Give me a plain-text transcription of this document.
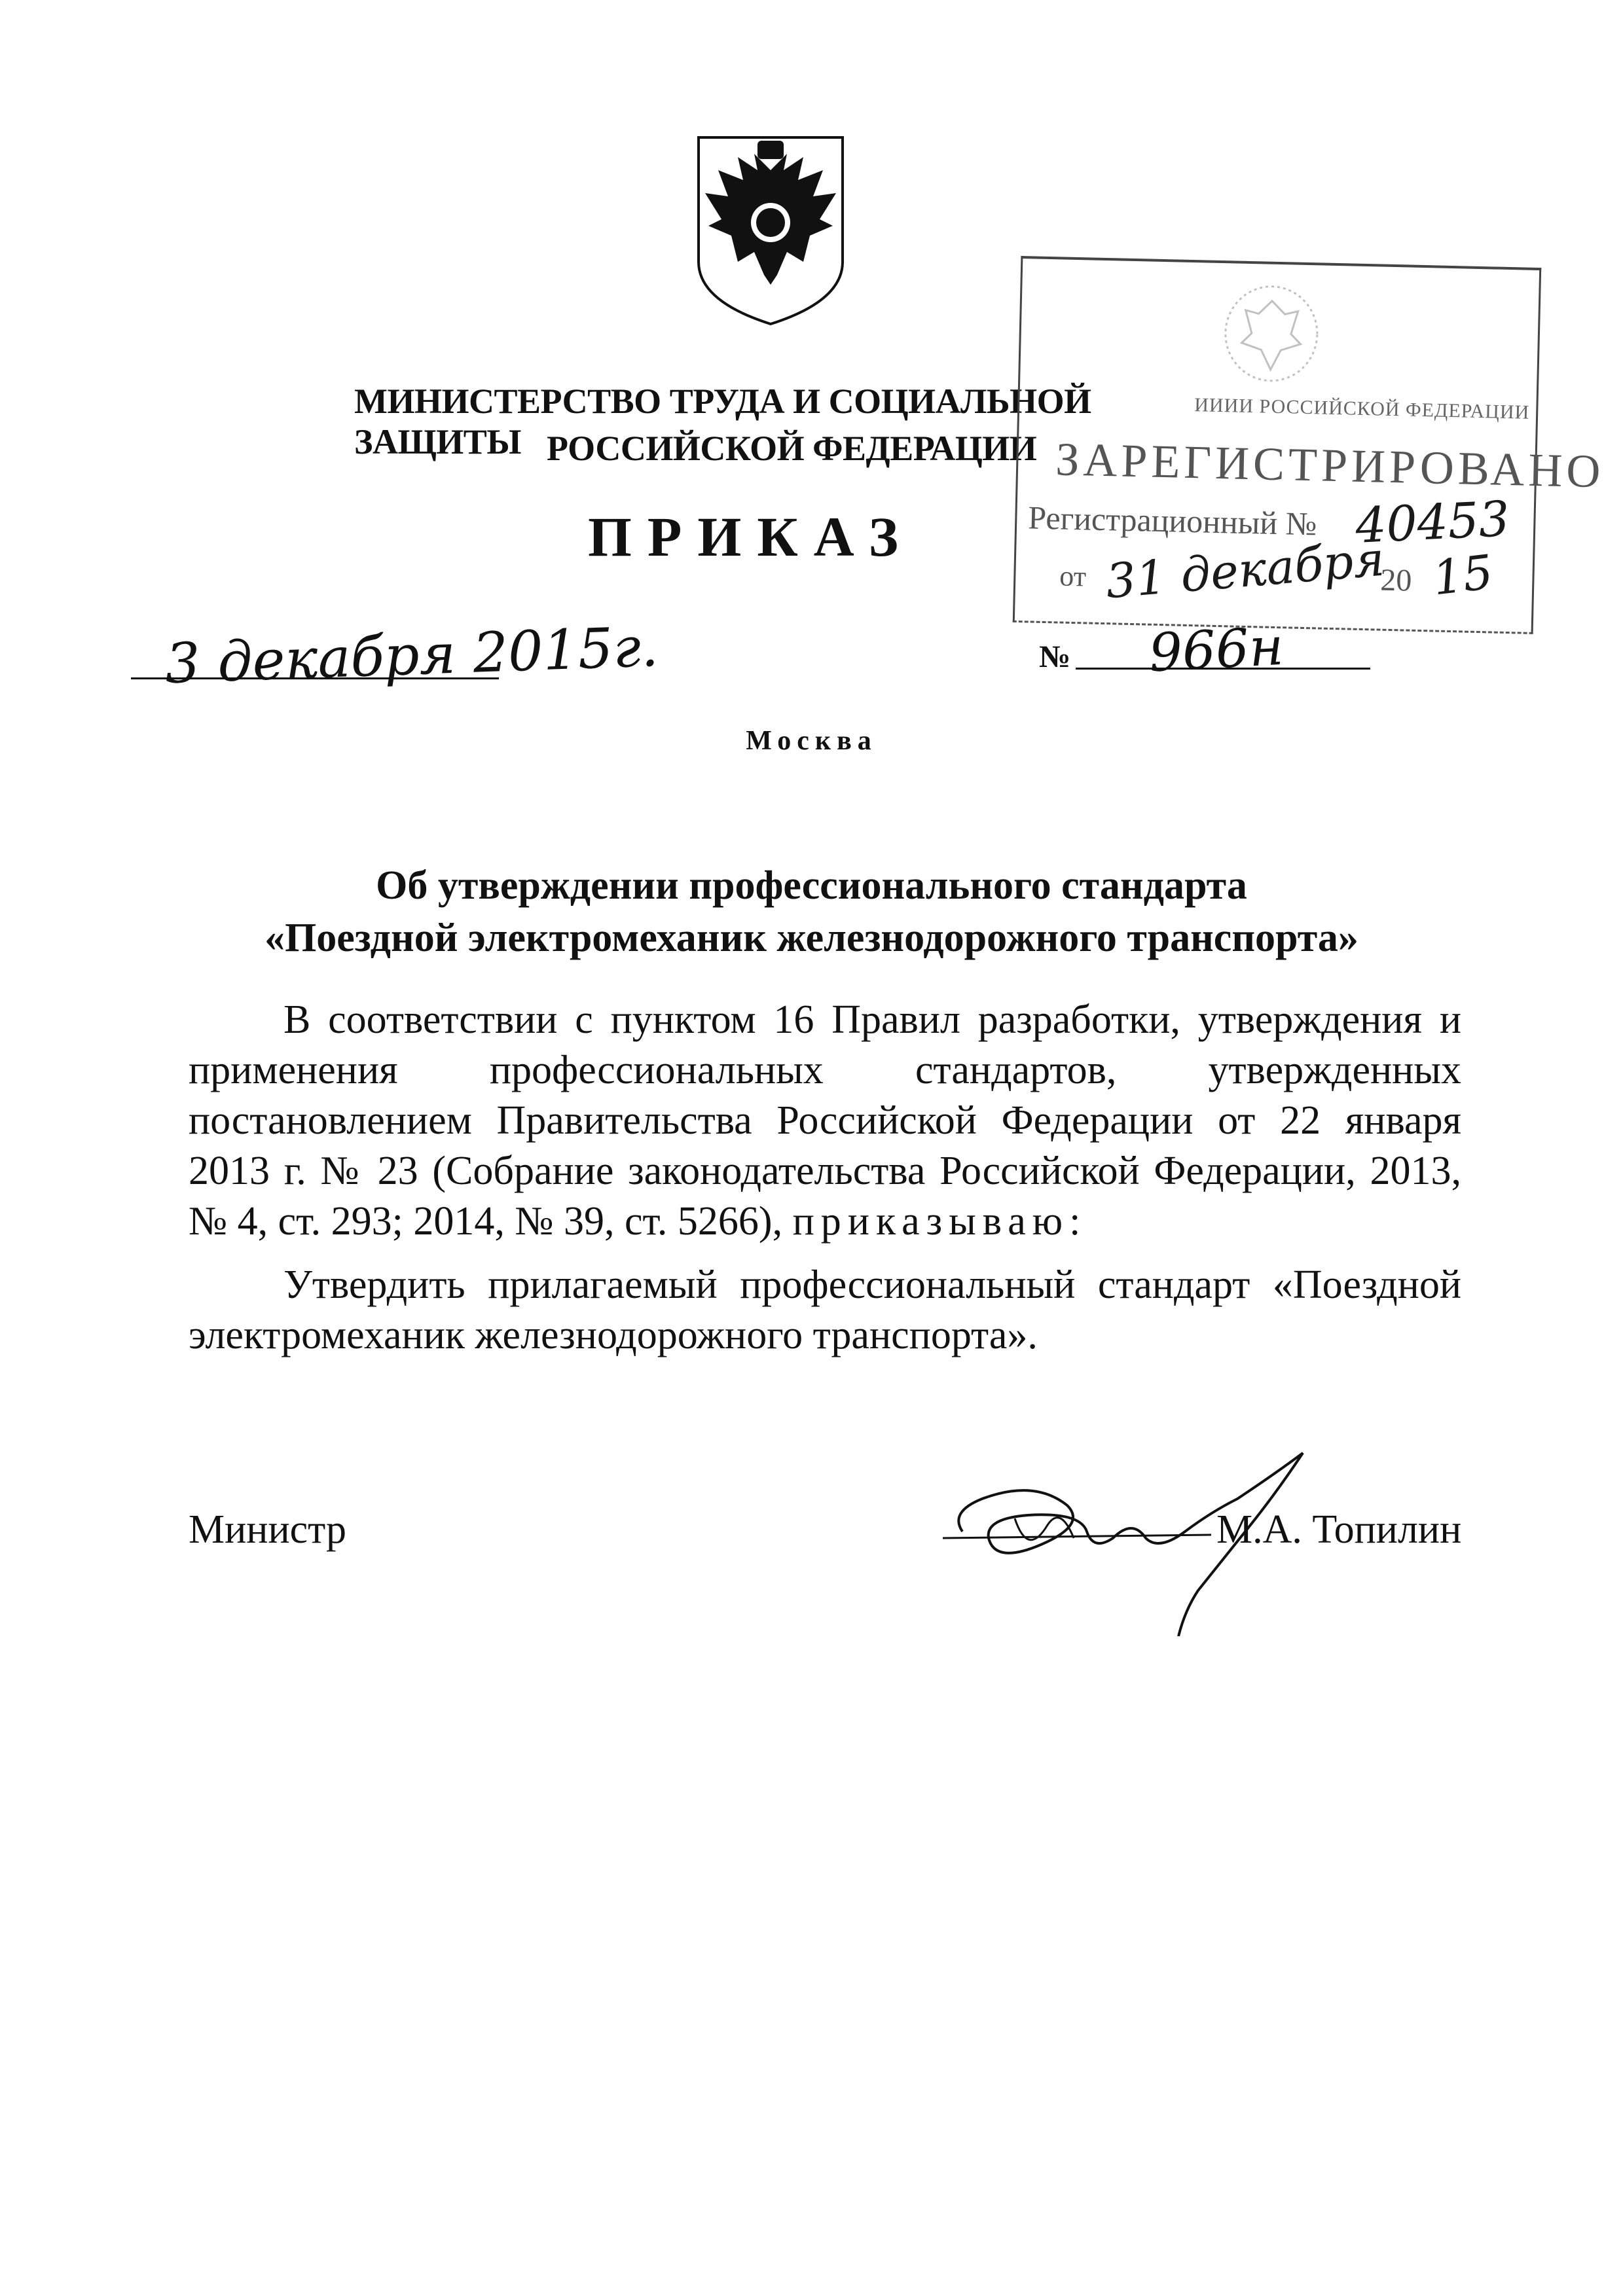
МИНИСТЕРСТВО ТРУДА И СОЦИАЛЬНОЙ ЗАЩИТЫ РОССИЙСКОЙ ФЕДЕРАЦИИ
ПРИКАЗ
ИИИИ РОССИЙСКОЙ ФЕДЕРАЦИИ
ЗАРЕГИСТРИРОВАНО
Регистрационный № 40453
от 31 декабря
20 15
3 декабря 2015г.	№ 966н
Москва
Об утверждении профессионального стандарта
«Поездной электромеханик железнодорожного транспорта»

В соответствии с пунктом 16 Правил разработки, утверждения и применения профессиональных стандартов, утвержденных постановлением Правительства Российской Федерации от 22 января 2013 г. № 23 (Собрание законодательства Российской Федерации, 2013, № 4, ст. 293; 2014, № 39, ст. 5266), приказываю:

Утвердить прилагаемый профессиональный стандарт «Поездной электромеханик железнодорожного транспорта».
Министр	М.А. Топилин
